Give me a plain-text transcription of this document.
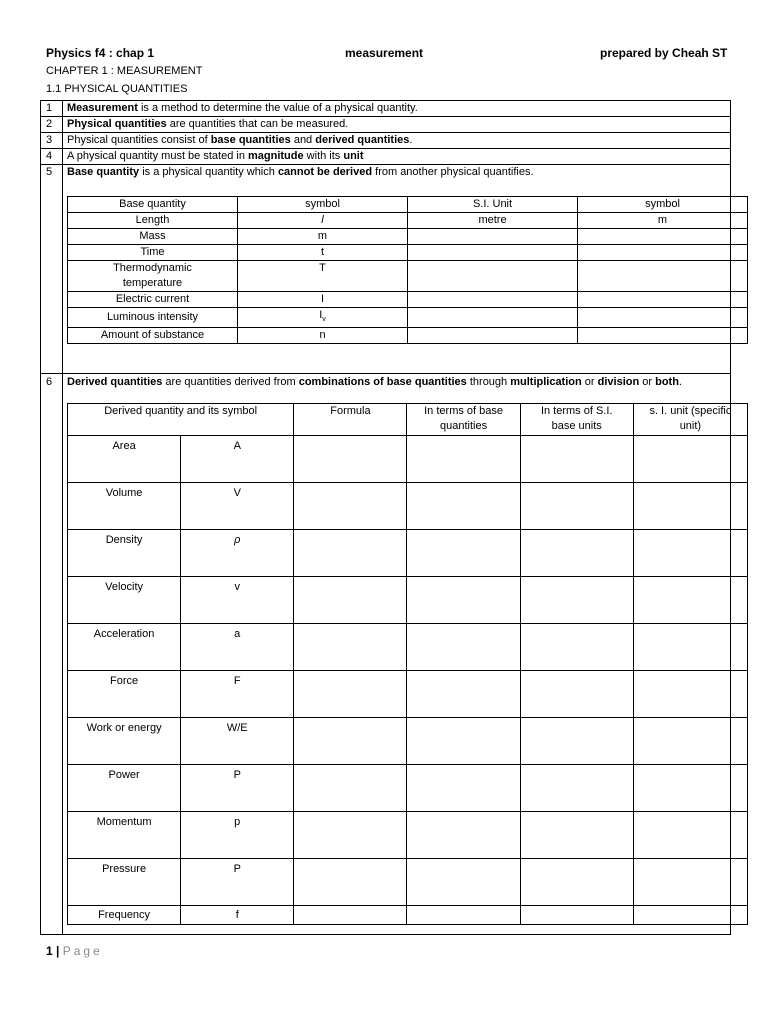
Physics f4 : chap 1	measurement	prepared by Cheah ST
CHAPTER 1 : MEASUREMENT
1.1 PHYSICAL QUANTITIES
1	Measurement is a method to determine the value of a physical quantity.
2	Physical quantities are quantities that can be measured.
3	Physical quantities consist of base quantities and derived quantities.
4	A physical quantity must be stated in magnitude with its unit
5	Base quantity is a physical quantity which cannot be derived from another physical quantifies.
Base quantity	symbol	S.I. Unit	symbol
Length	l	metre	m
Mass	m		
Time	t		
Thermodynamic temperature	T		
Electric current	I		
Luminous intensity	$I_v$		
Amount of substance	n		

6	Derived quantities are quantities derived from combinations of base quantities through multiplication or division or both.
Derived quantity and its symbol	Formula	In terms of base quantities	In terms of S.I. base units	s. I. unit (specific unit)
Area	A				
Volume	V				
Density	ρ				
Velocity	v				
Acceleration	a				
Force	F				
Work or energy	W/E				
Power	P				
Momentum	p				
Pressure	P				
Frequency	f				
1 | Page
